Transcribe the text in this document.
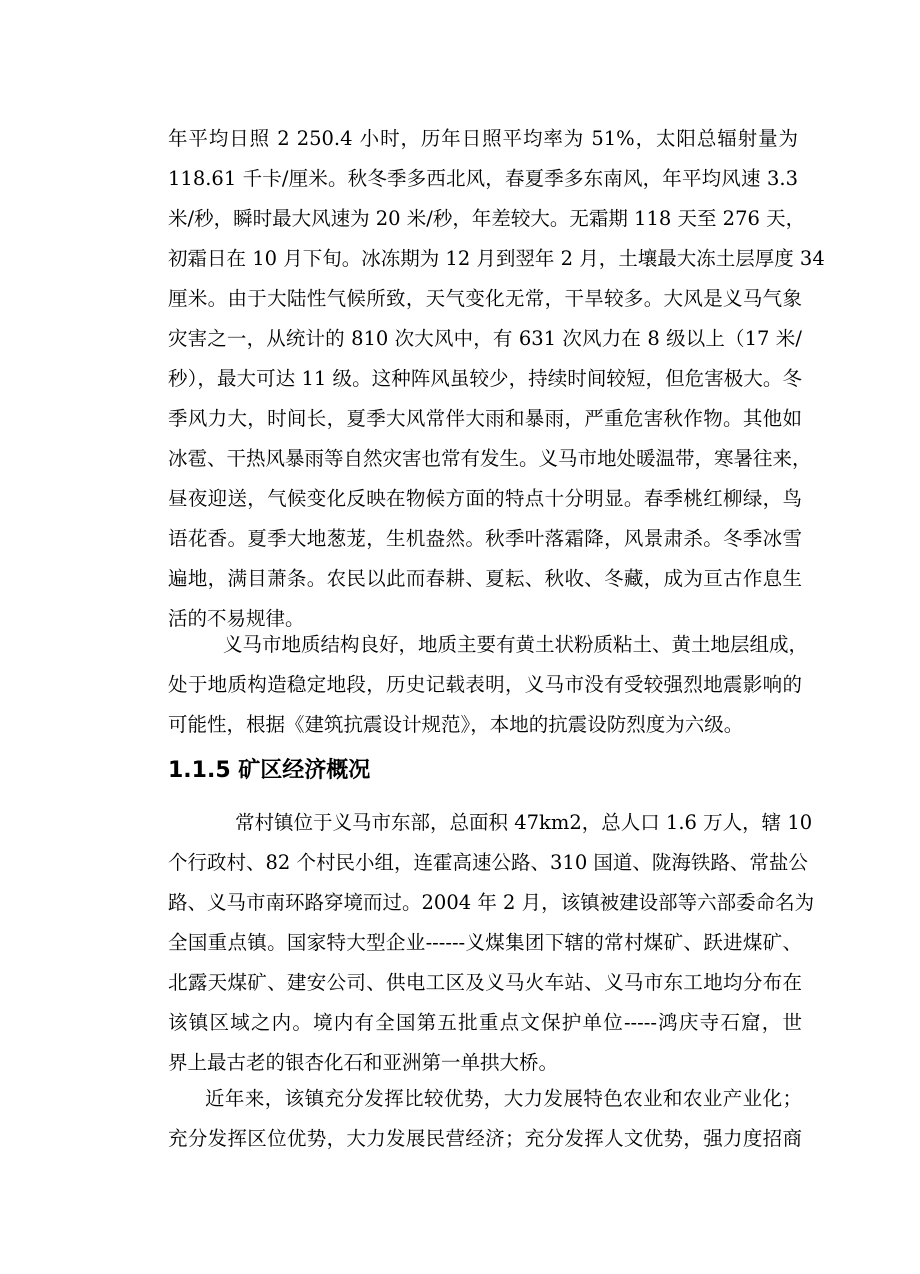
年平均日照 2 250.4 小时，历年日照平均率为 51%，太阳总辐射量为
118.61 千卡/厘米。秋冬季多西北风，春夏季多东南风，年平均风速 3.3
米/秒，瞬时最大风速为 20 米/秒，年差较大。无霜期 118 天至 276 天，
初霜日在 10 月下旬。冰冻期为 12 月到翌年 2 月，土壤最大冻土层厚度 34
厘米。由于大陆性气候所致，天气变化无常，干旱较多。大风是义马气象
灾害之一，从统计的 810 次大风中，有 631 次风力在 8 级以上（17 米/
秒），最大可达 11 级。这种阵风虽较少，持续时间较短，但危害极大。冬
季风力大，时间长，夏季大风常伴大雨和暴雨，严重危害秋作物。其他如
冰雹、干热风暴雨等自然灾害也常有发生。义马市地处暖温带，寒暑往来，
昼夜迎送，气候变化反映在物候方面的特点十分明显。春季桃红柳绿，鸟
语花香。夏季大地葱茏，生机盎然。秋季叶落霜降，风景肃杀。冬季冰雪
遍地，满目萧条。农民以此而春耕、夏耘、秋收、冬藏，成为亘古作息生
活的不易规律。
义马市地质结构良好，地质主要有黄土状粉质粘土、黄土地层组成，
处于地质构造稳定地段，历史记载表明，义马市没有受较强烈地震影响的
可能性，根据《建筑抗震设计规范》，本地的抗震设防烈度为六级。
1.1.5 矿区经济概况
常村镇位于义马市东部，总面积 47km2，总人口 1.6 万人，辖 10
个行政村、82 个村民小组，连霍高速公路、310 国道、陇海铁路、常盐公
路、义马市南环路穿境而过。2004 年 2 月，该镇被建设部等六部委命名为
全国重点镇。国家特大型企业------义煤集团下辖的常村煤矿、跃进煤矿、
北露天煤矿、建安公司、供电工区及义马火车站、义马市东工地均分布在
该镇区域之内。境内有全国第五批重点文保护单位-----鸿庆寺石窟，世
界上最古老的银杏化石和亚洲第一单拱大桥。
近年来，该镇充分发挥比较优势，大力发展特色农业和农业产业化；
充分发挥区位优势，大力发展民营经济；充分发挥人文优势，强力度招商
